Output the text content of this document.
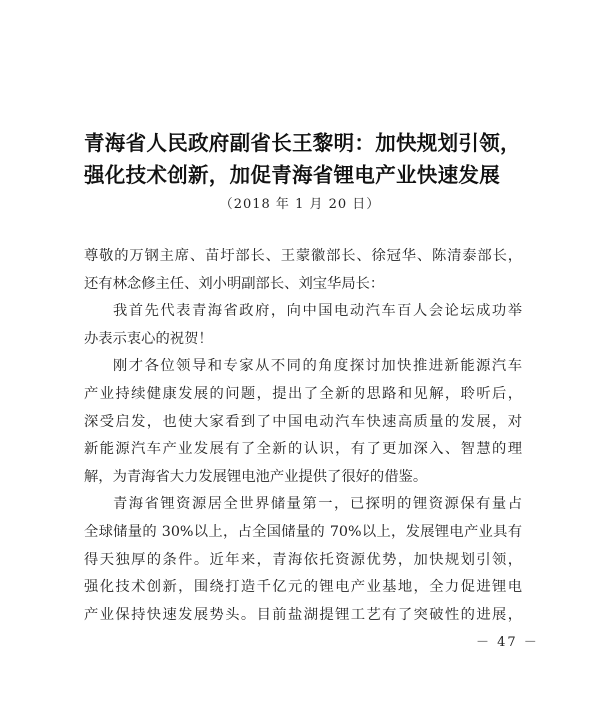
青海省人民政府副省长王黎明：加快规划引领，
强化技术创新，加促青海省锂电产业快速发展

（2018 年 1 月 20 日）

尊敬的万钢主席、苗圩部长、王蒙徽部长、徐冠华、陈清泰部长，
还有林念修主任、刘小明副部长、刘宝华局长：
我首先代表青海省政府，向中国电动汽车百人会论坛成功举
办表示衷心的祝贺！
刚才各位领导和专家从不同的角度探讨加快推进新能源汽车
产业持续健康发展的问题，提出了全新的思路和见解，聆听后，
深受启发，也使大家看到了中国电动汽车快速高质量的发展，对
新能源汽车产业发展有了全新的认识，有了更加深入、智慧的理
解，为青海省大力发展锂电池产业提供了很好的借鉴。
青海省锂资源居全世界储量第一，已探明的锂资源保有量占
全球储量的 30%以上，占全国储量的 70%以上，发展锂电产业具有
得天独厚的条件。近年来，青海依托资源优势，加快规划引领，
强化技术创新，围绕打造千亿元的锂电产业基地，全力促进锂电
产业保持快速发展势头。目前盐湖提锂工艺有了突破性的进展，

－ 47 －
